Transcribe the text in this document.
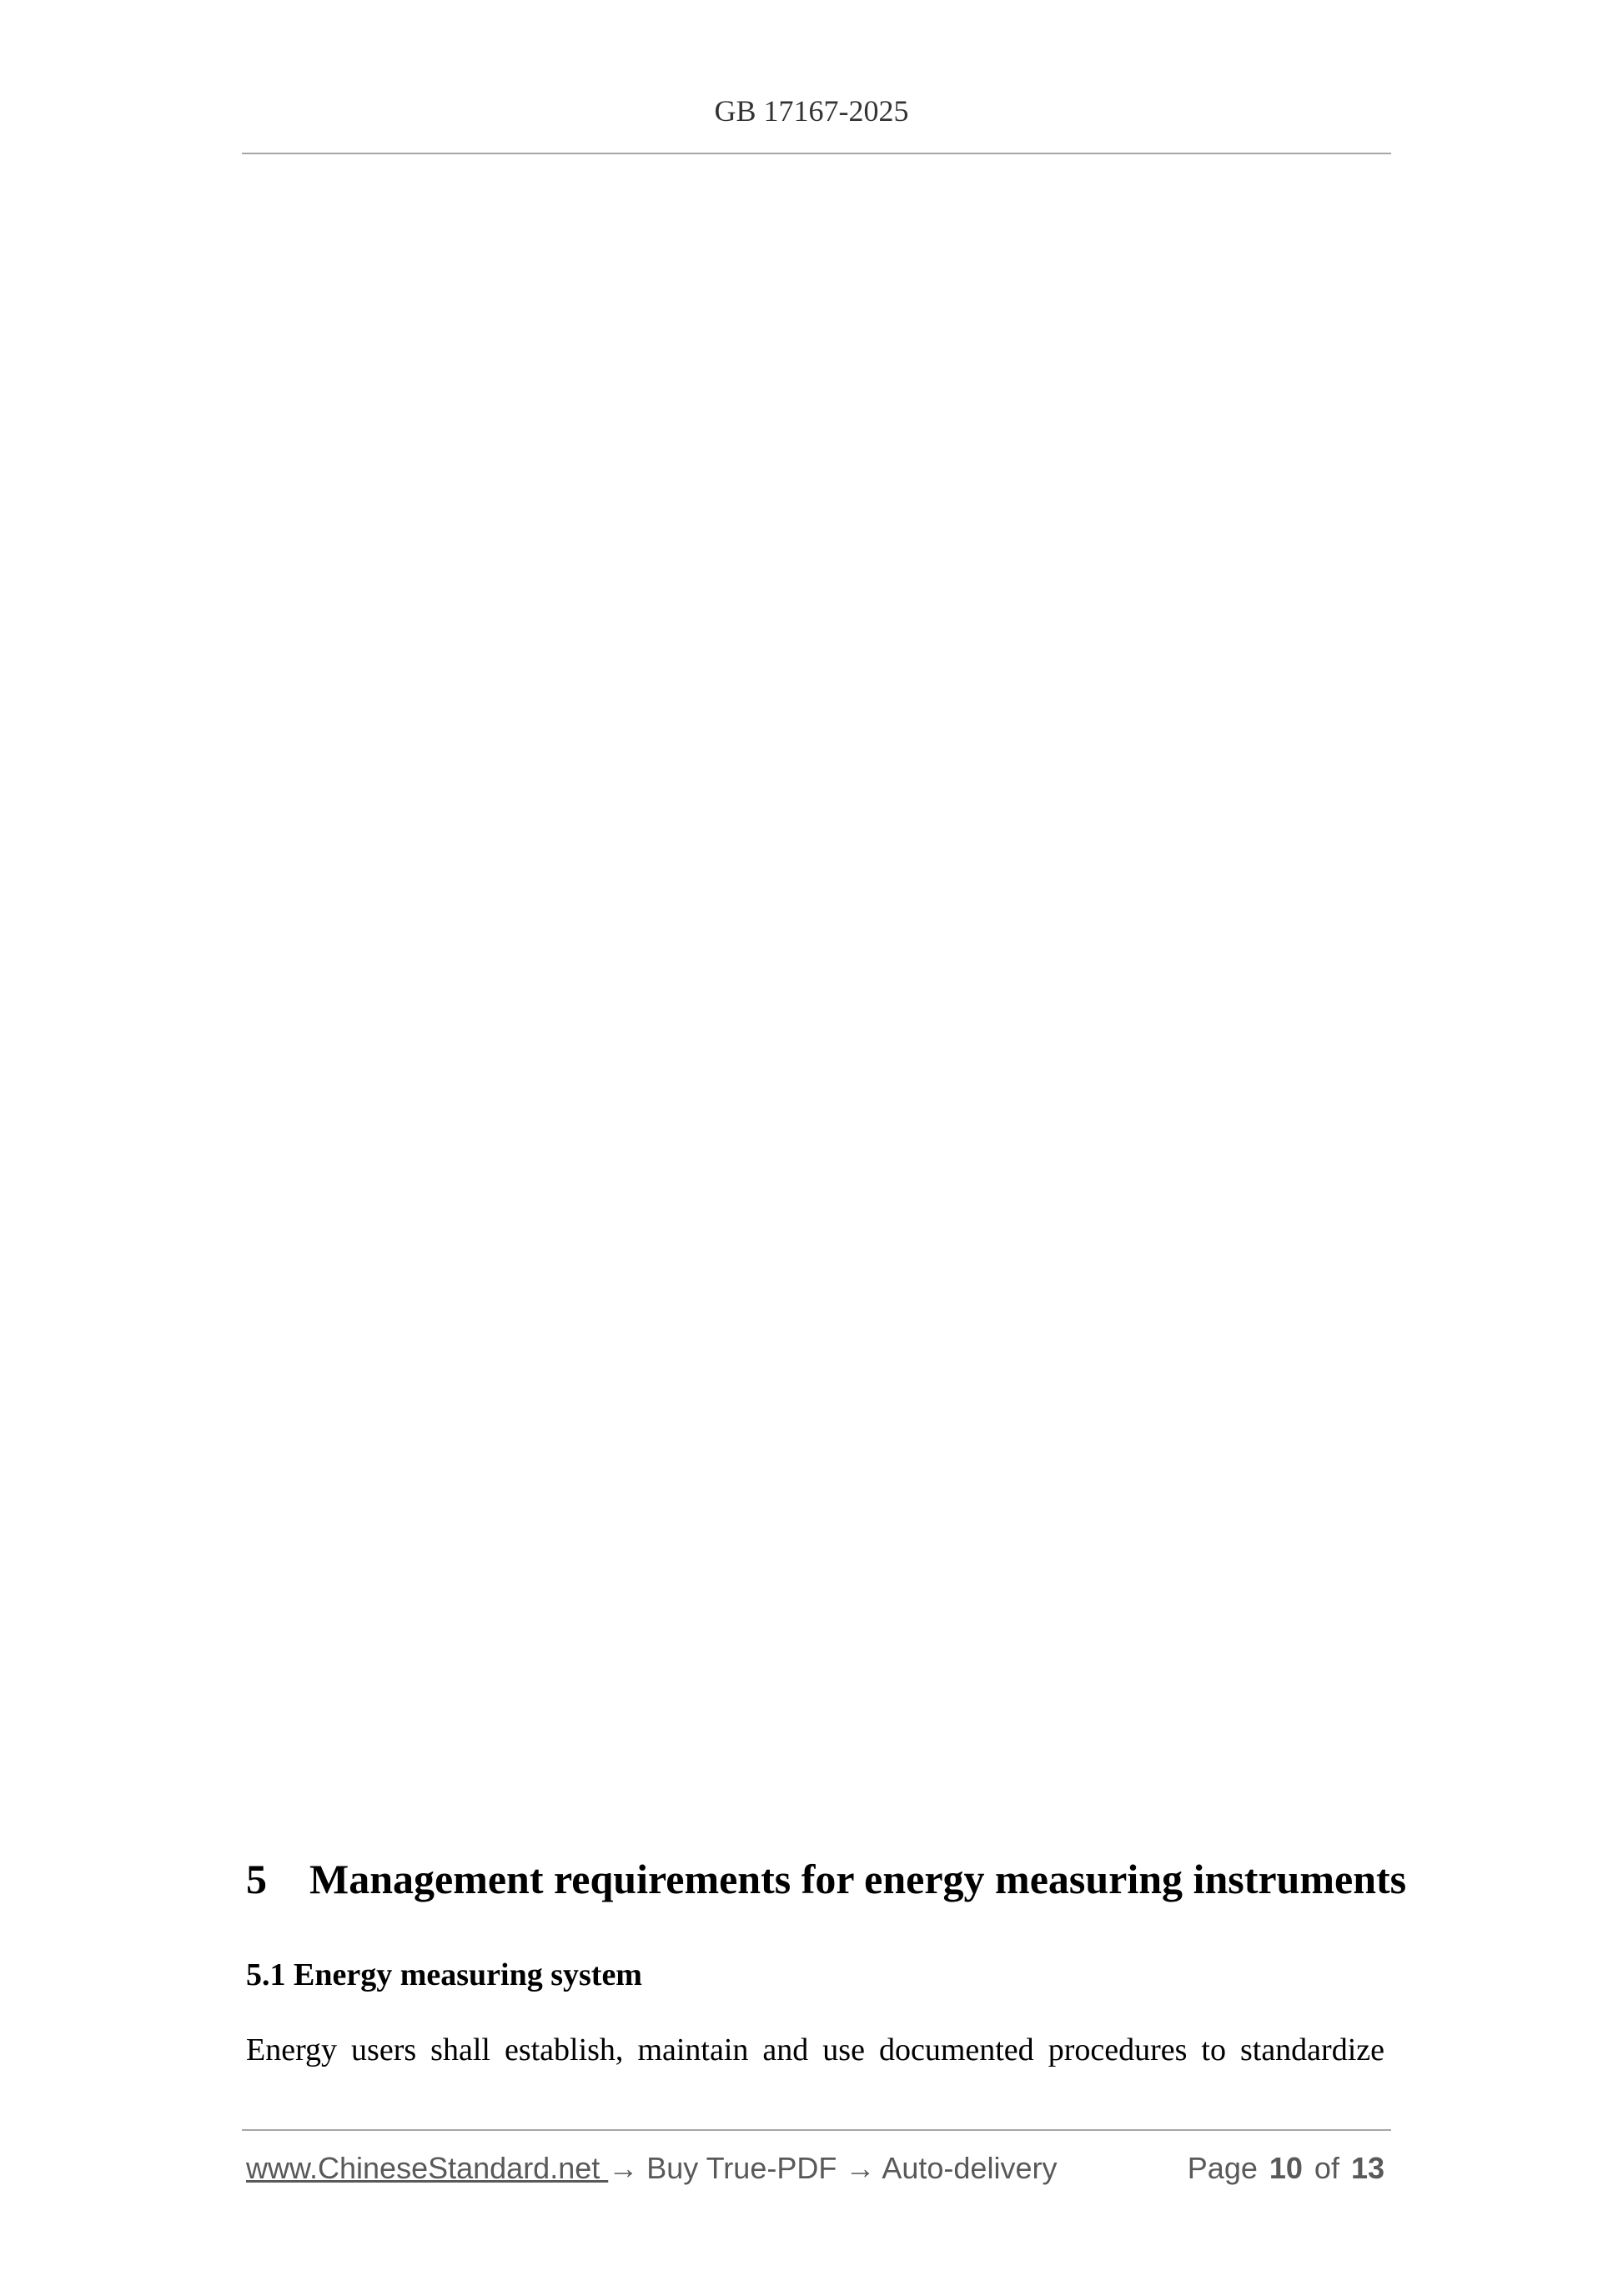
GB 17167-2025
5 Management requirements for energy measuring instruments
5.1 Energy measuring system
Energy users shall establish, maintain and use documented procedures to standardize
www.ChineseStandard.net → Buy True-PDF → Auto-delivery	Page 10 of 13
